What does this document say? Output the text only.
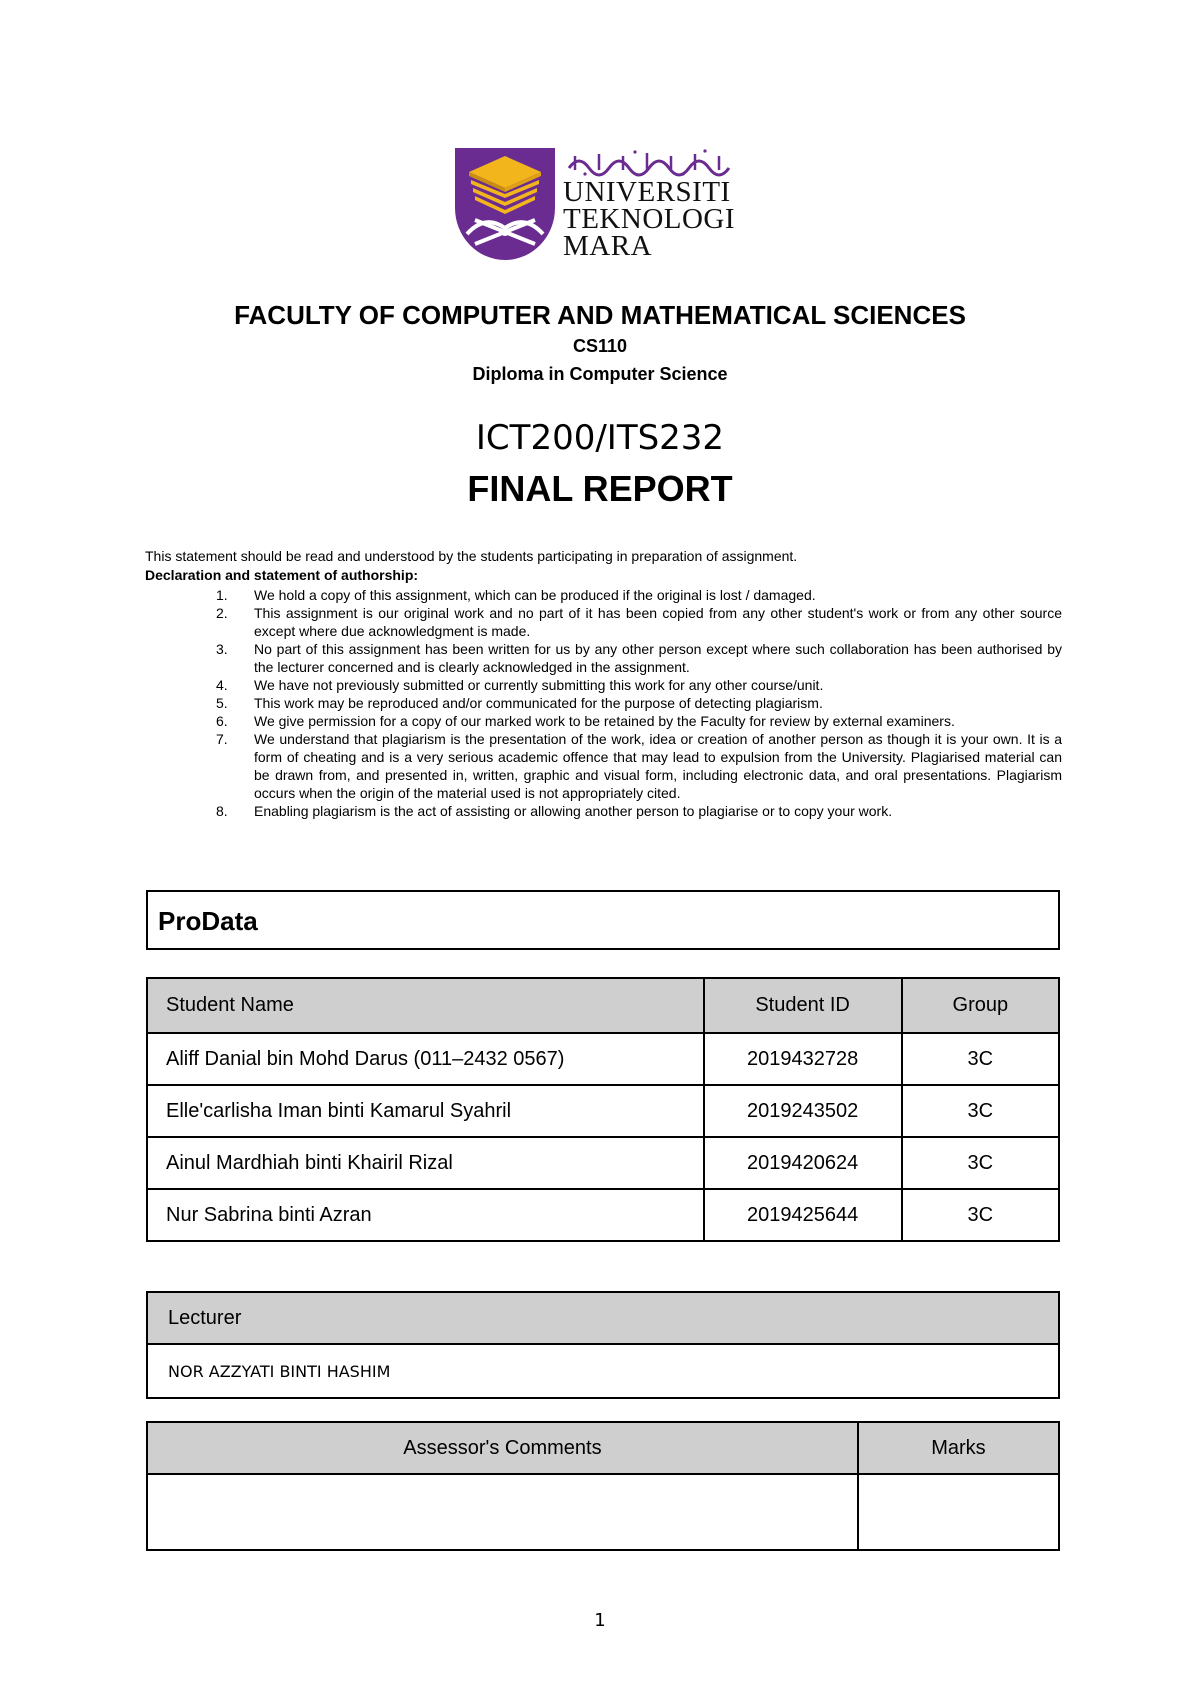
UNIVERSITI
TEKNOLOGI
MARA
FACULTY OF COMPUTER AND MATHEMATICAL SCIENCES
CS110
Diploma in Computer Science
ICT200/ITS232
FINAL REPORT
This statement should be read and understood by the students participating in preparation of assignment.
Declaration and statement of authorship:
1. We hold a copy of this assignment, which can be produced if the original is lost / damaged.
2. This assignment is our original work and no part of it has been copied from any other student's work or from any other source except where due acknowledgment is made.
3. No part of this assignment has been written for us by any other person except where such collaboration has been authorised by the lecturer concerned and is clearly acknowledged in the assignment.
4. We have not previously submitted or currently submitting this work for any other course/unit.
5. This work may be reproduced and/or communicated for the purpose of detecting plagiarism.
6. We give permission for a copy of our marked work to be retained by the Faculty for review by external examiners.
7. We understand that plagiarism is the presentation of the work, idea or creation of another person as though it is your own. It is a form of cheating and is a very serious academic offence that may lead to expulsion from the University. Plagiarised material can be drawn from, and presented in, written, graphic and visual form, including electronic data, and oral presentations. Plagiarism occurs when the origin of the material used is not appropriately cited.
8. Enabling plagiarism is the act of assisting or allowing another person to plagiarise or to copy your work.
ProData
Student Name	Student ID	Group
Aliff Danial bin Mohd Darus (011–2432 0567)	2019432728	3C
Elle'carlisha Iman binti Kamarul Syahril	2019243502	3C
Ainul Mardhiah binti Khairil Rizal	2019420624	3C
Nur Sabrina binti Azran	2019425644	3C
Lecturer
NOR AZZYATI BINTI HASHIM
Assessor's Comments	Marks

1
